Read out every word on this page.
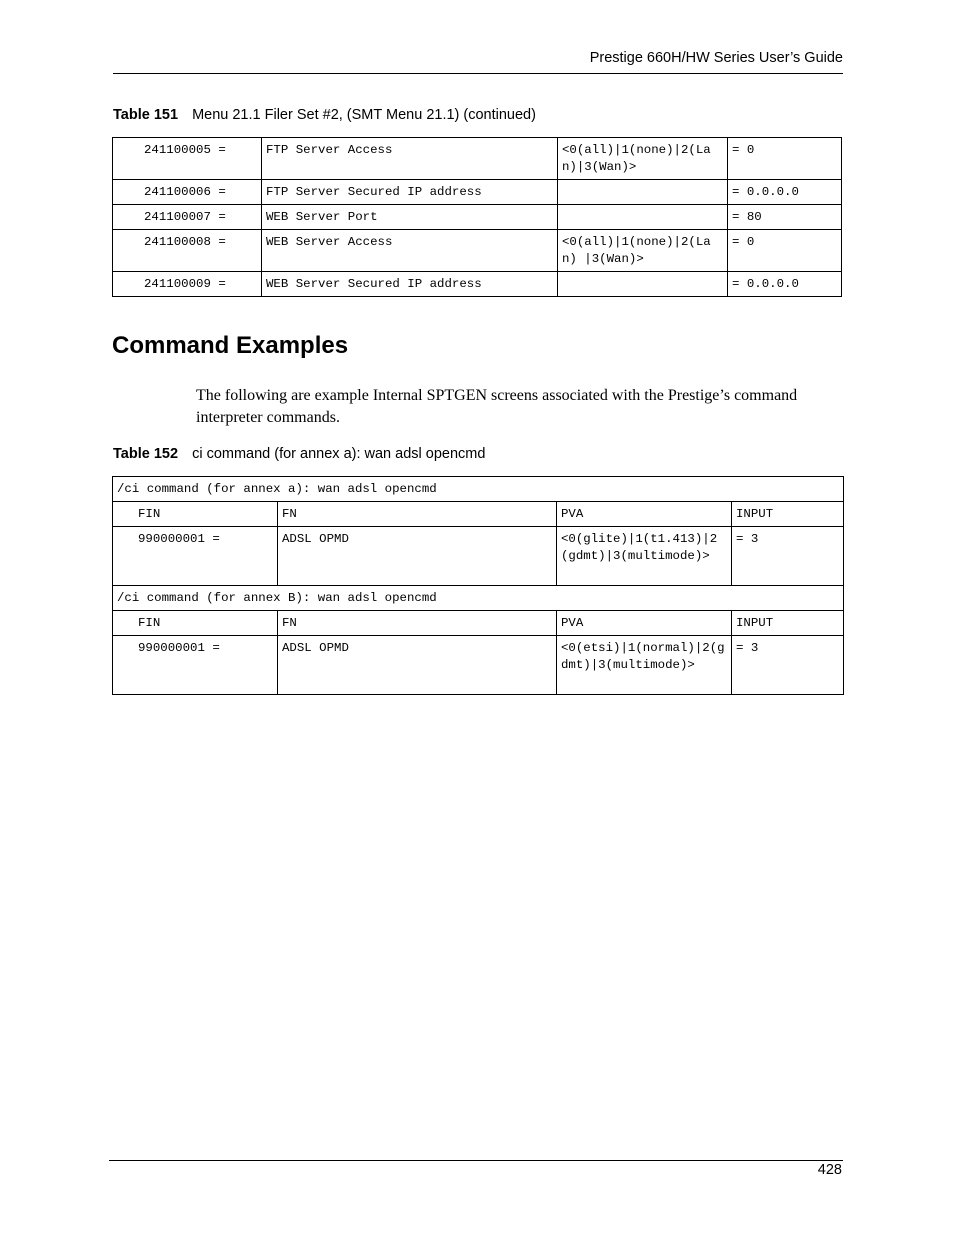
Prestige 660H/HW Series User’s Guide
Table 151 Menu 21.1 Filer Set #2, (SMT Menu 21.1) (continued)
241100005 =	FTP Server Access	<0(all)|1(none)|2(Lan)|3(Wan)>	= 0
241100006 =	FTP Server Secured IP address		= 0.0.0.0
241100007 =	WEB Server Port		= 80
241100008 =	WEB Server Access	<0(all)|1(none)|2(Lan) |3(Wan)>	= 0
241100009 =	WEB Server Secured IP address		= 0.0.0.0
Command Examples
The following are example Internal SPTGEN screens associated with the Prestige’s command interpreter commands.
Table 152 ci command (for annex a): wan adsl opencmd
/ci command (for annex a): wan adsl opencmd			
FIN	FN	PVA	INPUT
990000001 =	ADSL OPMD	<0(glite)|1(t1.413)|2(gdmt)|3(multimode)>	= 3
/ci command (for annex B): wan adsl opencmd			
FIN	FN	PVA	INPUT
990000001 =	ADSL OPMD	<0(etsi)|1(normal)|2(gdmt)|3(multimode)>	= 3
428
